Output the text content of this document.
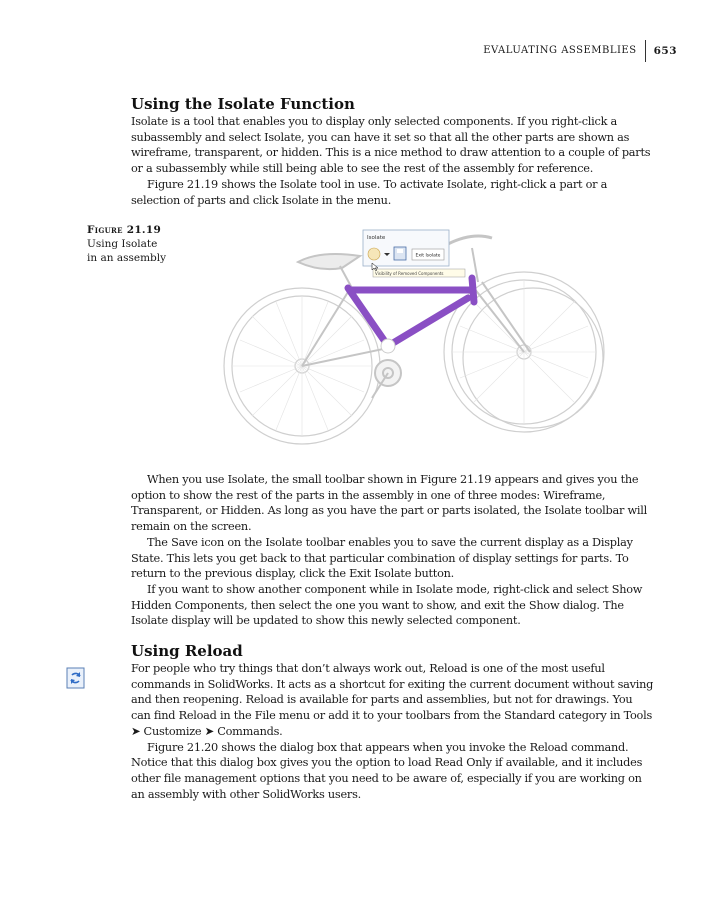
EVALUATING ASSEMBLIES	653
Using the Isolate Function

Isolate is a tool that enables you to display only selected components. If you right-click a subassembly and select Isolate, you can have it set so that all the other parts are shown as wireframe, transparent, or hidden. This is a nice method to draw attention to a couple of parts or a subassembly while still being able to see the rest of the assembly for reference.

Figure 21.19 shows the Isolate tool in use. To activate Isolate, right-click a part or a selection of parts and click Isolate in the menu.

Figure 21.19
Using Isolate in an assembly
Isolate
Exit Isolate
Visibility of Removed Components

When you use Isolate, the small toolbar shown in Figure 21.19 appears and gives you the option to show the rest of the parts in the assembly in one of three modes: Wireframe, Transparent, or Hidden. As long as you have the part or parts isolated, the Isolate toolbar will remain on the screen.

The Save icon on the Isolate toolbar enables you to save the current display as a Display State. This lets you get back to that particular combination of display settings for parts. To return to the previous display, click the Exit Isolate button.

If you want to show another component while in Isolate mode, right-click and select Show Hidden Components, then select the one you want to show, and exit the Show dialog. The Isolate display will be updated to show this newly selected component.

Using Reload

For people who try things that don’t always work out, Reload is one of the most useful commands in SolidWorks. It acts as a shortcut for exiting the current document without saving and then reopening. Reload is available for parts and assemblies, but not for drawings. You can find Reload in the File menu or add it to your toolbars from the Standard category in Tools ➤ Customize ➤ Commands.

Figure 21.20 shows the dialog box that appears when you invoke the Reload command. Notice that this dialog box gives you the option to load Read Only if available, and it includes other file management options that you need to be aware of, especially if you are working on an assembly with other SolidWorks users.
